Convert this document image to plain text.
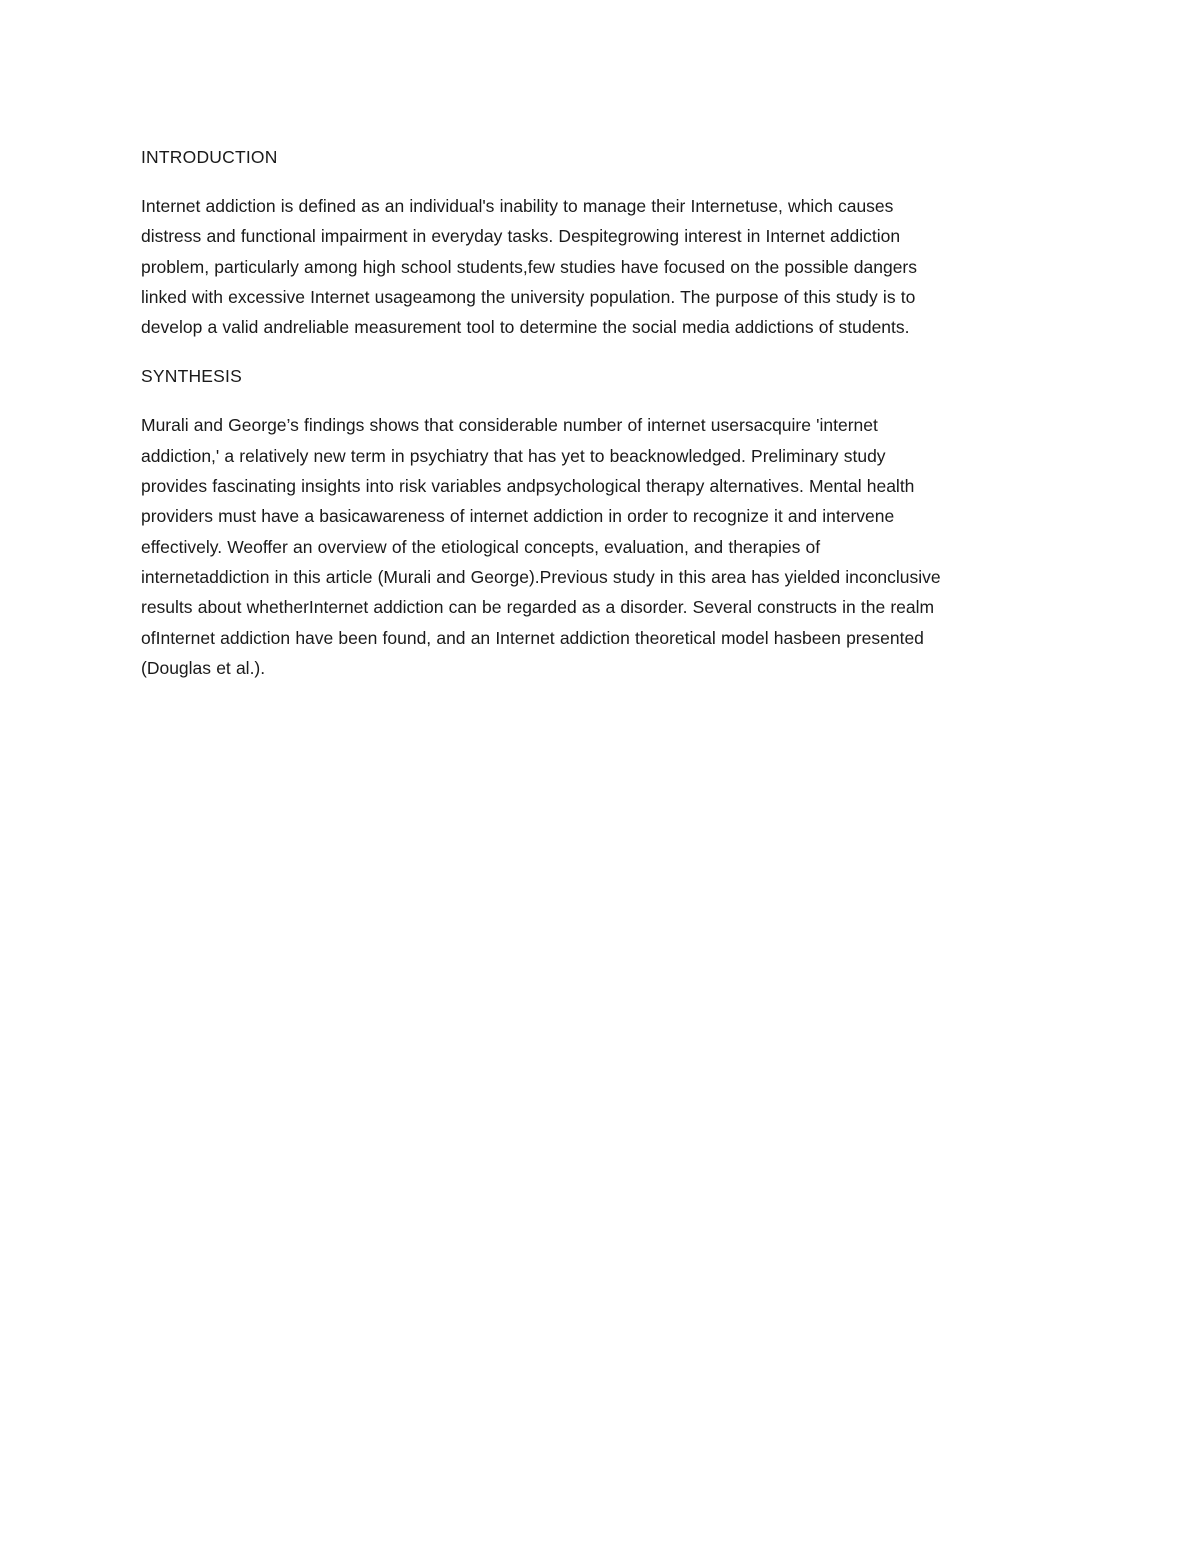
INTRODUCTION
Internet addiction is defined as an individual's inability to manage their Internetuse, which causes
distress and functional impairment in everyday tasks. Despitegrowing interest in Internet addiction
problem, particularly among high school students,few studies have focused on the possible dangers
linked with excessive Internet usageamong the university population. The purpose of this study is to
develop a valid andreliable measurement tool to determine the social media addictions of students.
SYNTHESIS
Murali and George’s findings shows that considerable number of internet usersacquire 'internet
addiction,' a relatively new term in psychiatry that has yet to beacknowledged. Preliminary study
provides fascinating insights into risk variables andpsychological therapy alternatives. Mental health
providers must have a basicawareness of internet addiction in order to recognize it and intervene
effectively. Weoffer an overview of the etiological concepts, evaluation, and therapies of
internetaddiction in this article (Murali and George).Previous study in this area has yielded inconclusive
results about whetherInternet addiction can be regarded as a disorder. Several constructs in the realm
ofInternet addiction have been found, and an Internet addiction theoretical model hasbeen presented
(Douglas et al.).
